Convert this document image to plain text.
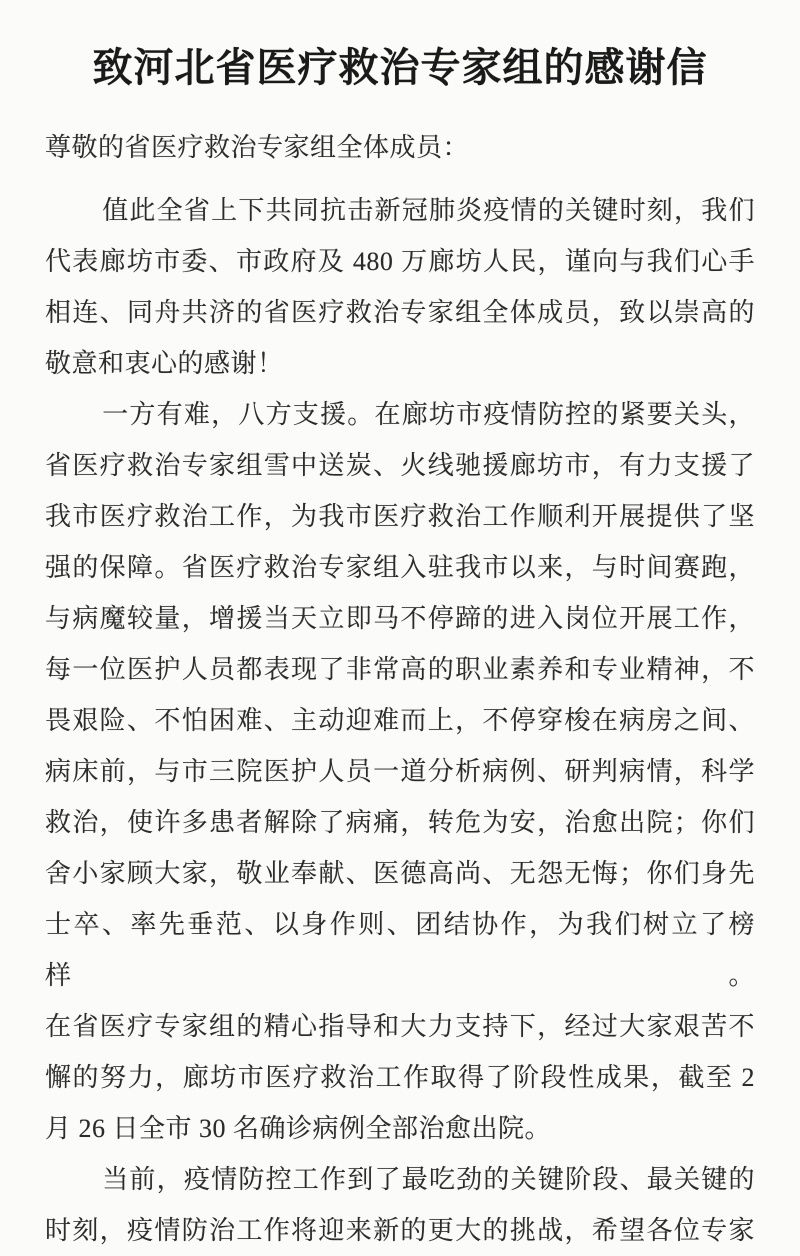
致河北省医疗救治专家组的感谢信
尊敬的省医疗救治专家组全体成员：
值此全省上下共同抗击新冠肺炎疫情的关键时刻，我们
代表廊坊市委、市政府及 480 万廊坊人民，谨向与我们心手
相连、同舟共济的省医疗救治专家组全体成员，致以崇高的
敬意和衷心的感谢！
一方有难，八方支援。在廊坊市疫情防控的紧要关头，
省医疗救治专家组雪中送炭、火线驰援廊坊市，有力支援了
我市医疗救治工作，为我市医疗救治工作顺利开展提供了坚
强的保障。省医疗救治专家组入驻我市以来，与时间赛跑，
与病魔较量，增援当天立即马不停蹄的进入岗位开展工作，
每一位医护人员都表现了非常高的职业素养和专业精神，不
畏艰险、不怕困难、主动迎难而上，不停穿梭在病房之间、
病床前，与市三院医护人员一道分析病例、研判病情，科学
救治，使许多患者解除了病痛，转危为安，治愈出院；你们
舍小家顾大家，敬业奉献、医德高尚、无怨无悔；你们身先
士卒、率先垂范、以身作则、团结协作，为我们树立了榜样。
在省医疗专家组的精心指导和大力支持下，经过大家艰苦不
懈的努力，廊坊市医疗救治工作取得了阶段性成果，截至 2
月 26 日全市 30 名确诊病例全部治愈出院。
当前，疫情防控工作到了最吃劲的关键阶段、最关键的
时刻，疫情防治工作将迎来新的更大的挑战，希望各位专家
